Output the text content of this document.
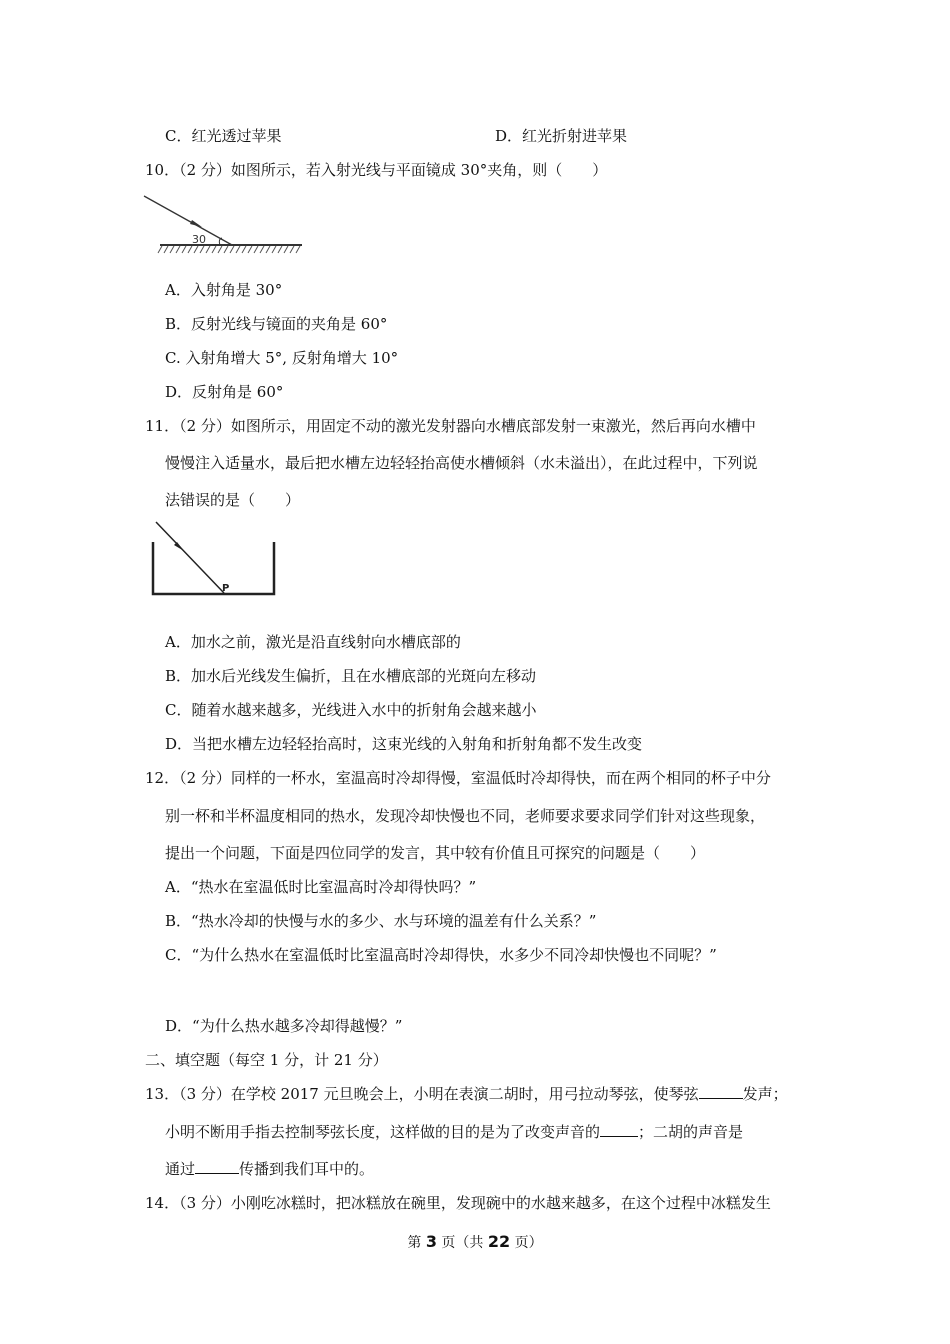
C．红光透过苹果	D．红光折射进苹果
10．（2 分）如图所示，若入射光线与平面镜成 30°夹角，则（　　）
30
A．入射角是 30°
B．反射光线与镜面的夹角是 60°
C. 入射角增大 5°, 反射角增大 10°
D．反射角是 60°
11．（2 分）如图所示，用固定不动的激光发射器向水槽底部发射一束激光，然后再向水槽中
慢慢注入适量水，最后把水槽左边轻轻抬高使水槽倾斜（水未溢出），在此过程中，下列说
法错误的是（　　）
P
A．加水之前，激光是沿直线射向水槽底部的
B．加水后光线发生偏折，且在水槽底部的光斑向左移动
C．随着水越来越多，光线进入水中的折射角会越来越小
D．当把水槽左边轻轻抬高时，这束光线的入射角和折射角都不发生改变
12．（2 分）同样的一杯水，室温高时冷却得慢，室温低时冷却得快，而在两个相同的杯子中分
别一杯和半杯温度相同的热水，发现冷却快慢也不同，老师要求要求同学们针对这些现象，
提出一个问题，下面是四位同学的发言，其中较有价值且可探究的问题是（　　）
A．“热水在室温低时比室温高时冷却得快吗？”
B．“热水冷却的快慢与水的多少、水与环境的温差有什么关系？”
C．“为什么热水在室温低时比室温高时冷却得快，水多少不同冷却快慢也不同呢？”
D．“为什么热水越多冷却得越慢？”
二、填空题（每空 1 分，计 21 分）
13．（3 分）在学校 2017 元旦晚会上，小明在表演二胡时，用弓拉动琴弦，使琴弦	发声；
小明不断用手指去控制琴弦长度，这样做的目的是为了改变声音的	；二胡的声音是
通过	传播到我们耳中的。
14．（3 分）小刚吃冰糕时，把冰糕放在碗里，发现碗中的水越来越多，在这个过程中冰糕发生
第 3 页（共 22 页）
